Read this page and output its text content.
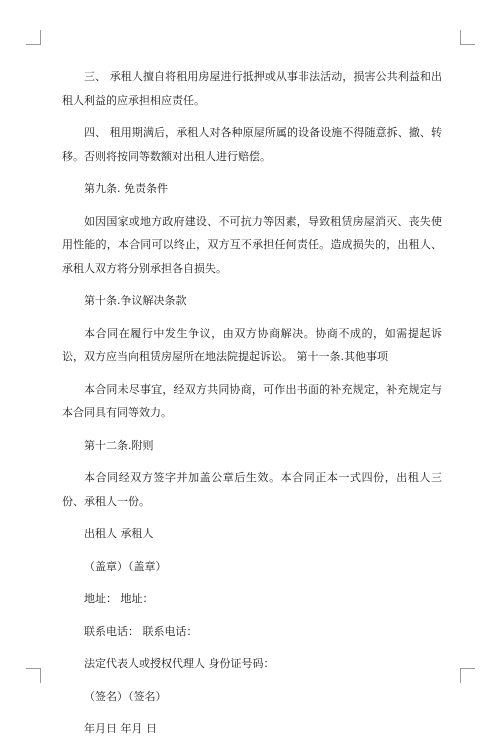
三、 承租人擅自将租用房屋进行抵押或从事非法活动，损害公共利益和出租人利益的应承担相应责任。

四、 租用期满后，承租人对各种原屋所属的设备设施不得随意拆、撤、转移。否则将按同等数额对出租人进行赔偿。

第九条. 免责条件

如因国家或地方政府建设、不可抗力等因素，导致租赁房屋消灭、丧失使用性能的，本合同可以终止，双方互不承担任何责任。造成损失的，出租人、承租人双方将分别承担各自损失。

第十条.争议解决条款

本合同在履行中发生争议，由双方协商解决。协商不成的，如需提起诉讼，双方应当向租赁房屋所在地法院提起诉讼。 第十一条.其他事项

本合同未尽事宜，经双方共同协商，可作出书面的补充规定，补充规定与本合同具有同等效力。

第十二条.附则

本合同经双方签字并加盖公章后生效。本合同正本一式四份，出租人三份、承租人一份。

出租人 承租人
（盖章）（盖章）
地址： 地址：
联系电话： 联系电话：
法定代表人或授权代理人 身份证号码：
（签名）（签名）
年月日 年月 日
